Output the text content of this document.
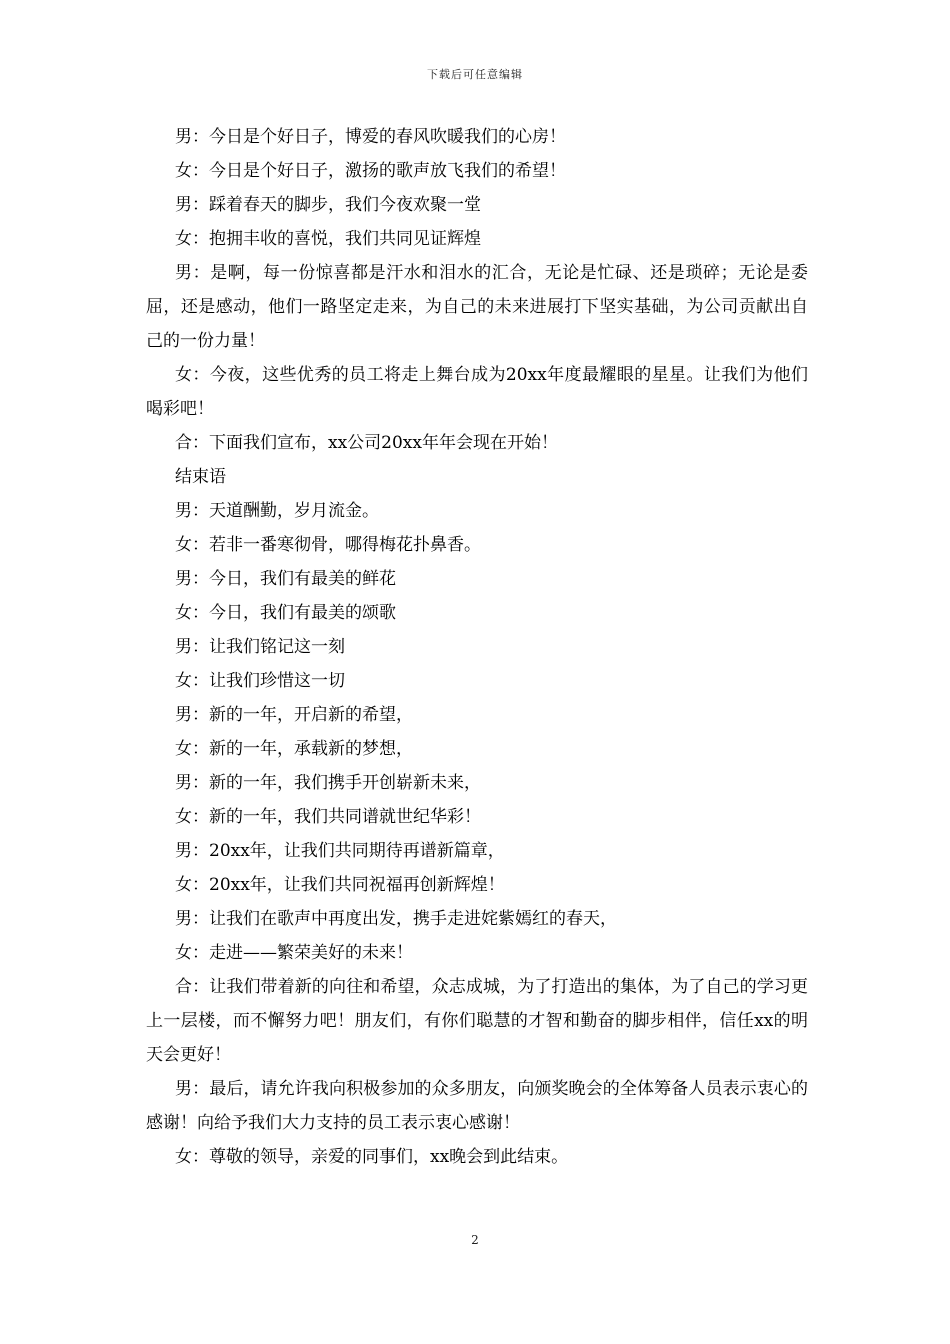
下载后可任意编辑

男：今日是个好日子，博爱的春风吹暖我们的心房！

女：今日是个好日子，激扬的歌声放飞我们的希望！

男：踩着春天的脚步，我们今夜欢聚一堂

女：抱拥丰收的喜悦，我们共同见证辉煌

男：是啊，每一份惊喜都是汗水和泪水的汇合，无论是忙碌、还是琐碎；无论是委屈，还是感动，他们一路坚定走来，为自己的未来进展打下坚实基础，为公司贡献出自己的一份力量！

女：今夜，这些优秀的员工将走上舞台成为20xx年度最耀眼的星星。让我们为他们喝彩吧！

合：下面我们宣布，xx公司20xx年年会现在开始！

结束语

男：天道酬勤，岁月流金。

女：若非一番寒彻骨，哪得梅花扑鼻香。

男：今日，我们有最美的鲜花

女：今日，我们有最美的颂歌

男：让我们铭记这一刻

女：让我们珍惜这一切

男：新的一年，开启新的希望，

女：新的一年，承载新的梦想，

男：新的一年，我们携手开创崭新未来，

女：新的一年，我们共同谱就世纪华彩！

男：20xx年，让我们共同期待再谱新篇章，

女：20xx年，让我们共同祝福再创新辉煌！

男：让我们在歌声中再度出发，携手走进姹紫嫣红的春天，

女：走进——繁荣美好的未来！

合：让我们带着新的向往和希望，众志成城，为了打造出的集体，为了自己的学习更上一层楼，而不懈努力吧！朋友们，有你们聪慧的才智和勤奋的脚步相伴，信任xx的明天会更好！

男：最后，请允许我向积极参加的众多朋友，向颁奖晚会的全体筹备人员表示衷心的感谢！向给予我们大力支持的员工表示衷心感谢！

女：尊敬的领导，亲爱的同事们，xx晚会到此结束。

2
